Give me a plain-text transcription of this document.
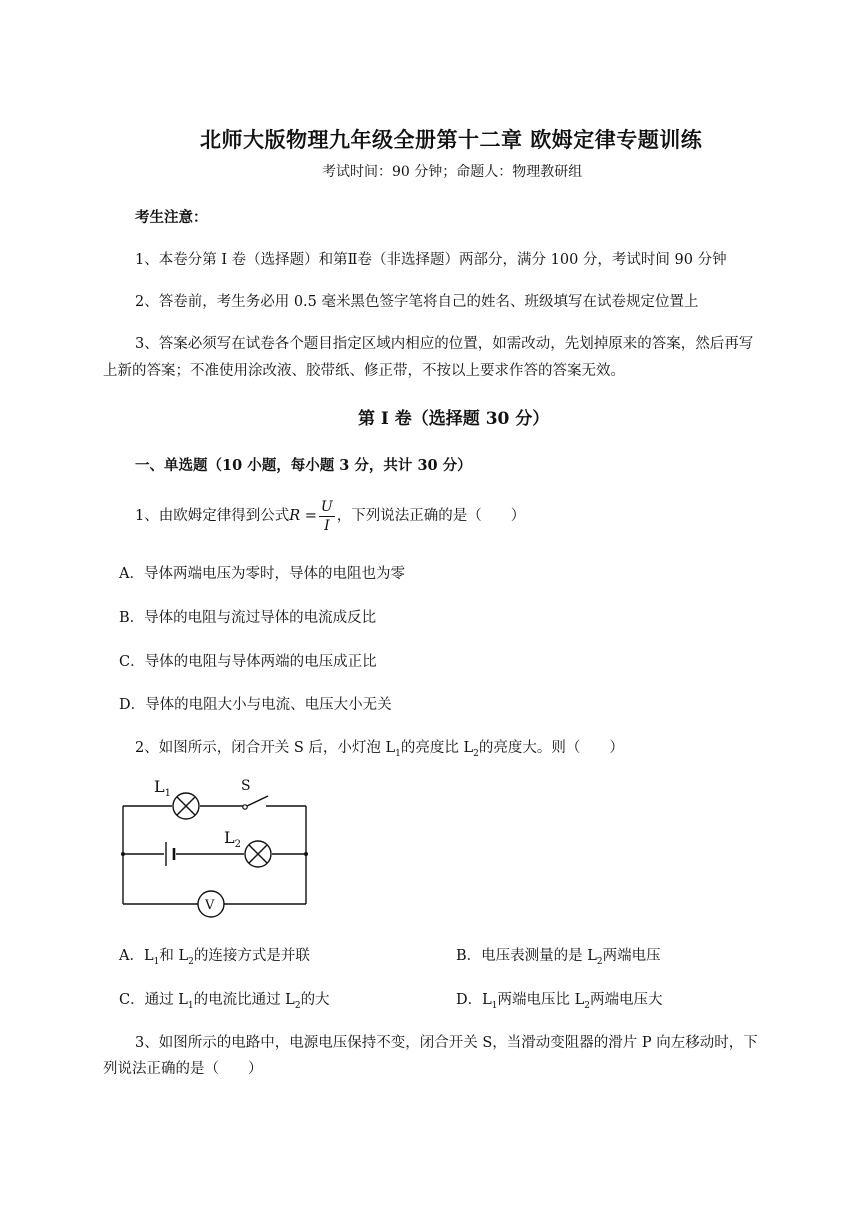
北师大版物理九年级全册第十二章 欧姆定律专题训练
考试时间：90 分钟；命题人：物理教研组
考生注意：
1、本卷分第 I 卷（选择题）和第Ⅱ卷（非选择题）两部分，满分 100 分，考试时间 90 分钟
2、答卷前，考生务必用 0.5 毫米黑色签字笔将自己的姓名、班级填写在试卷规定位置上
3、答案必须写在试卷各个题目指定区域内相应的位置，如需改动，先划掉原来的答案，然后再写
上新的答案；不准使用涂改液、胶带纸、修正带，不按以上要求作答的答案无效。
第 I 卷（选择题 30 分）
一、单选题（10 小题，每小题 3 分，共计 30 分）
1、由欧姆定律得到公式$R = \frac{U}{I}$ ，下列说法正确的是（　　）
A．导体两端电压为零时，导体的电阻也为零
B．导体的电阻与流过导体的电流成反比
C．导体的电阻与导体两端的电压成正比
D．导体的电阻大小与电流、电压大小无关
2、如图所示，闭合开关 S 后，小灯泡 $L_1$的亮度比 $L_2$的亮度大。则（　　）
$L_1$
$L_2$
S
V
A．$L_1$和 $L_2$的连接方式是并联	B．电压表测量的是 $L_2$两端电压
C．通过 $L_1$的电流比通过 $L_2$的大	D．$L_1$两端电压比 $L_2$两端电压大
3、如图所示的电路中，电源电压保持不变，闭合开关 S，当滑动变阻器的滑片 P 向左移动时，下
列说法正确的是（　　）
